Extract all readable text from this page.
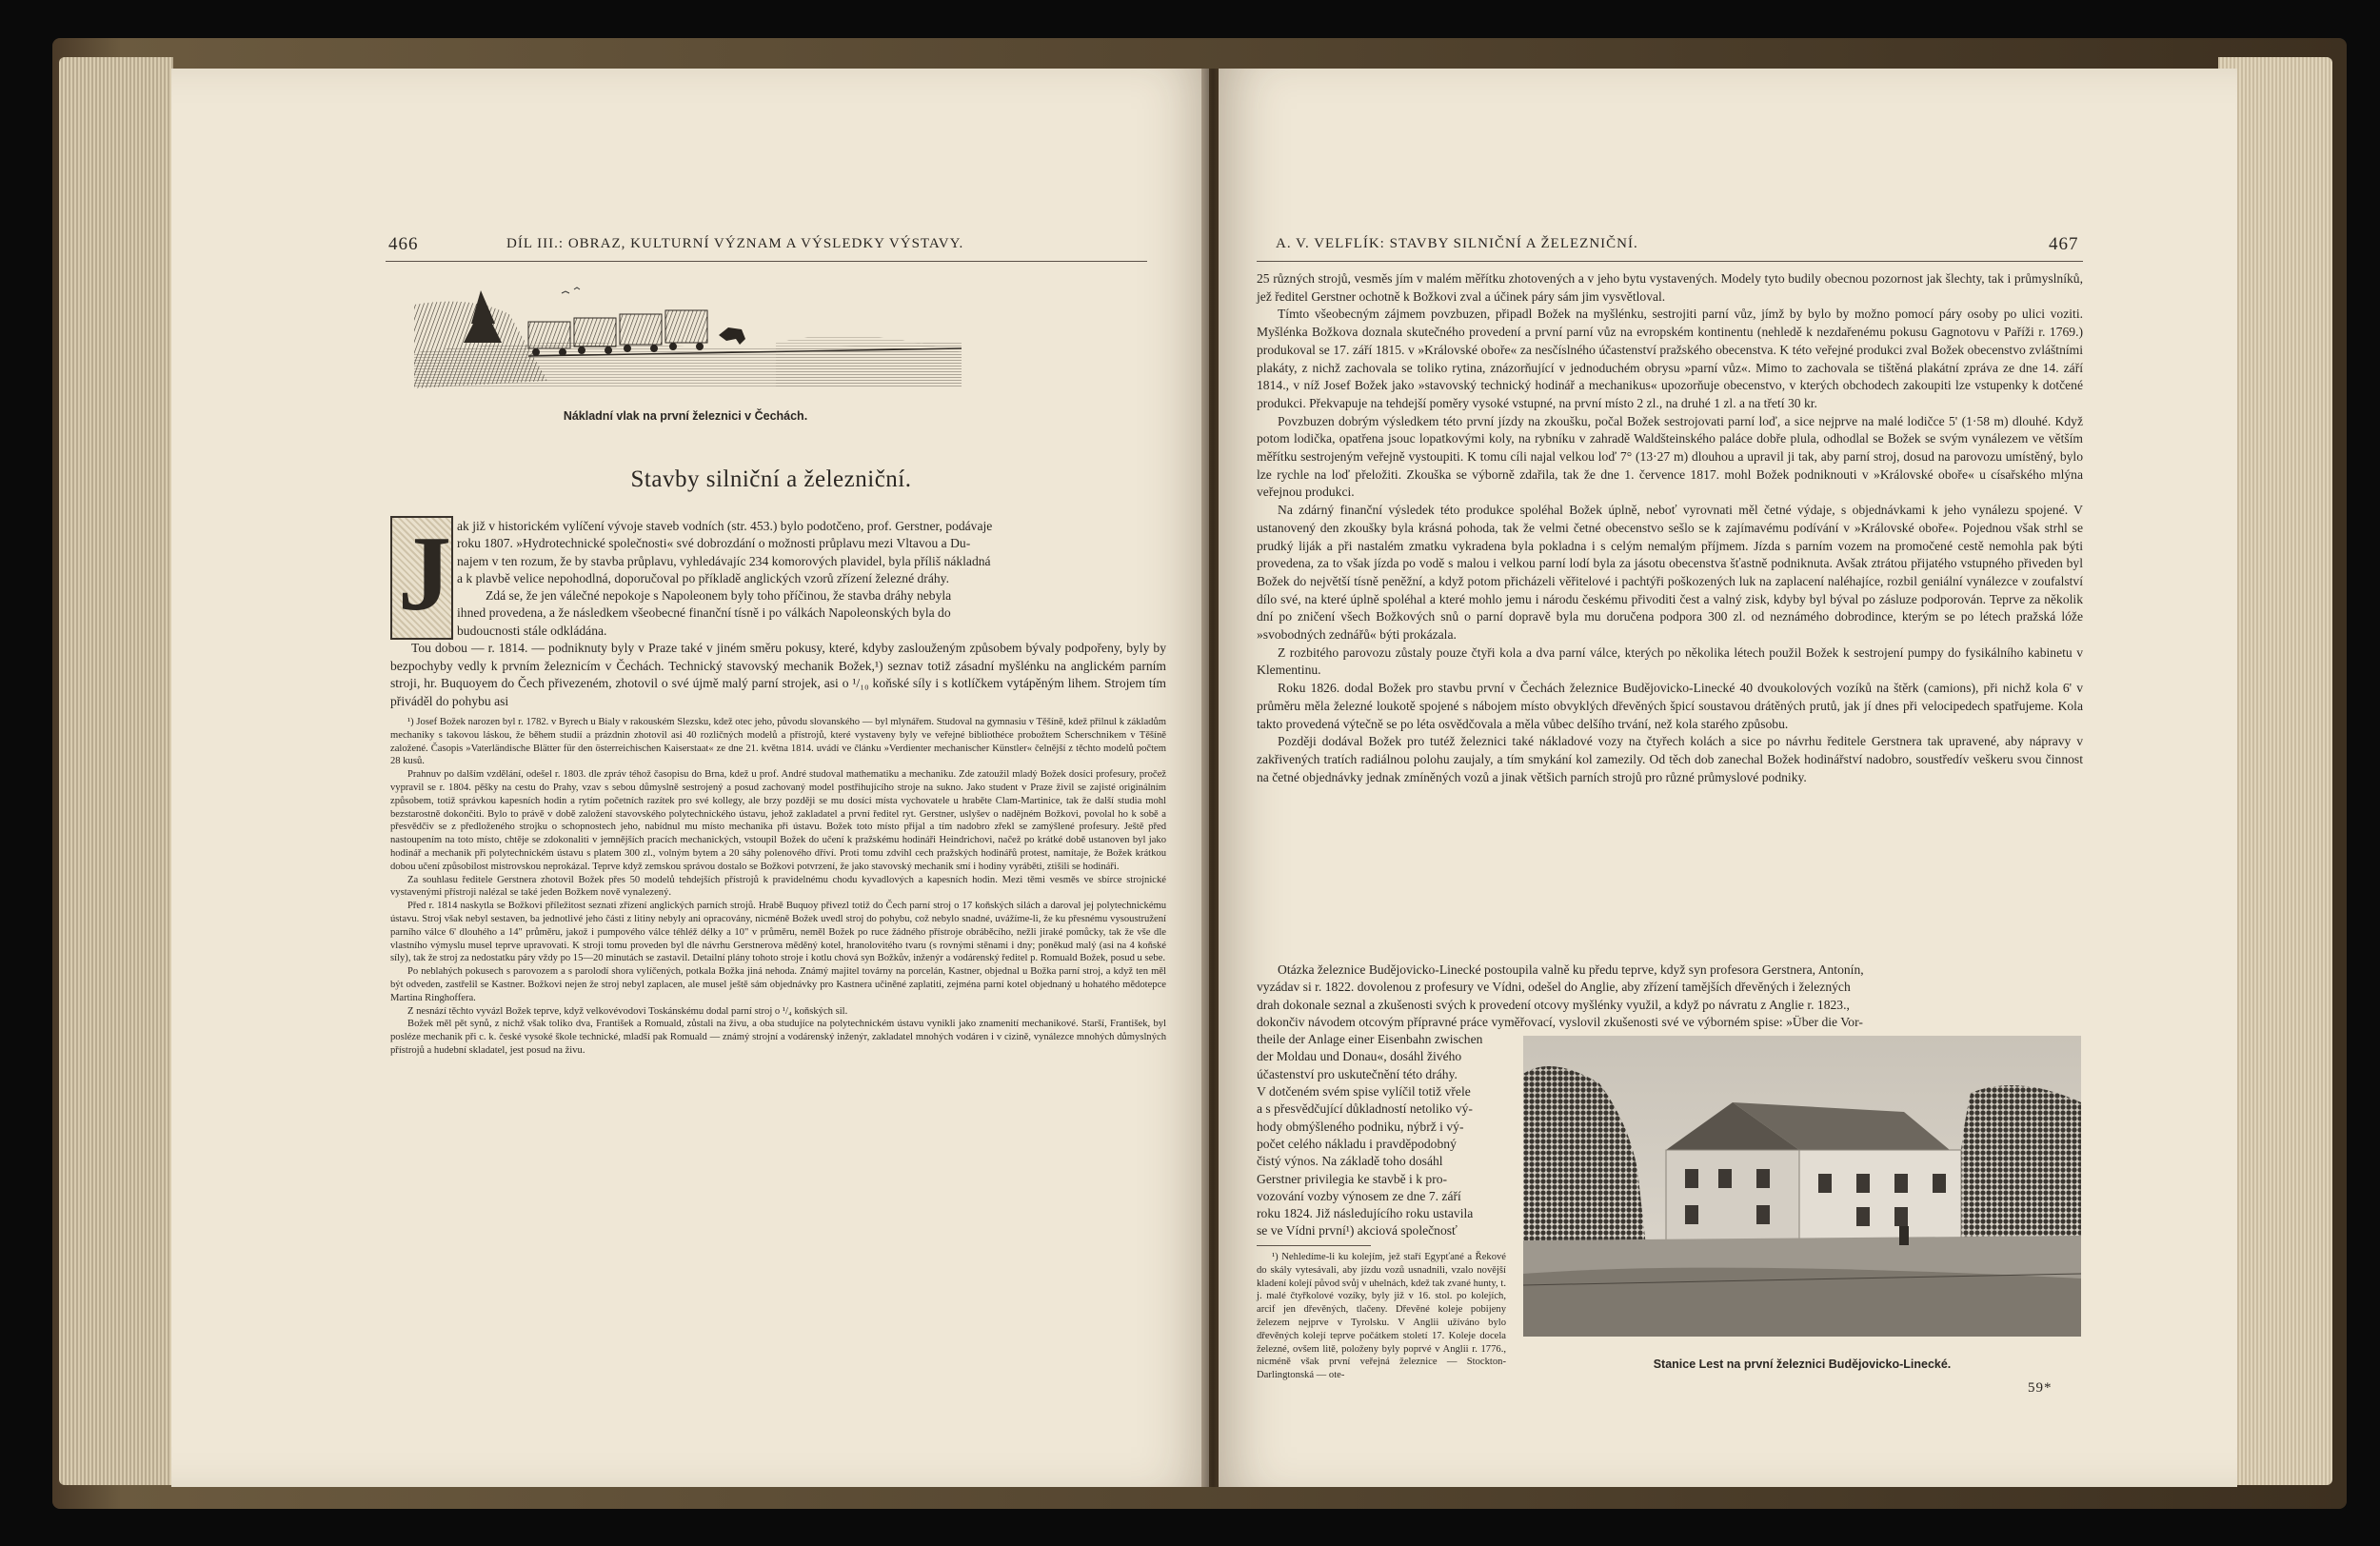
466	DÍL III.: OBRAZ, KULTURNÍ VÝZNAM A VÝSLEDKY VÝSTAVY.
Nákladní vlak na první železnici v Čechách.
Stavby silniční a železniční.
J ak již v historickém vylíčení vývoje staveb vodních (str. 453.) bylo podotčeno, prof. Gerstner, podávaje
roku 1807. »Hydrotechnické společnosti« své dobrozdání o možnosti průplavu mezi Vltavou a Du-
najem v ten rozum, že by stavba průplavu, vyhledávajíc 234 komorových plavidel, byla příliš nákladná
a k plavbě velice nepohodlná, doporučoval po příkladě anglických vzorů zřízení železné dráhy.
Zdá se, že jen válečné nepokoje s Napoleonem byly toho příčinou, že stavba dráhy nebyla
ihned provedena, a že následkem všeobecné finanční tísně i po válkách Napoleonských byla do
budoucnosti stále odkládána.
Tou dobou — r. 1814. — podniknuty byly v Praze také v jiném směru pokusy, které, kdyby zaslouženým způsobem bývaly podpořeny, byly by bezpochyby vedly k prvním železnicím v Čechách. Technický stavovský mechanik Božek,¹) seznav totiž zásadní myšlénku na anglickém parním stroji, hr. Buquoyem do Čech přivezeném, zhotovil o své újmě malý parní strojek, asi o ¹/₁₀ koňské síly i s kotlíčkem vytápěným lihem. Strojem tím přiváděl do pohybu asi
¹) Josef Božek narozen byl r. 1782. v Byrech u Bialy v rakouském Slezsku, kdež otec jeho, původu slovanského — byl mlynářem. Studoval na gymnasiu v Těšíně, kdež přilnul k základům mechaniky s takovou láskou, že během studií a prázdnin zhotovil asi 40 rozličných modelů a přístrojů, které vystaveny byly ve veřejné bibliothéce probožtem Scherschnikem v Těšíně založené. Časopis »Vaterländische Blätter für den österreichischen Kaiserstaat« ze dne 21. května 1814. uvádí ve článku »Verdienter mechanischer Künstler« čelnější z těchto modelů počtem 28 kusů.
Prahnuv po dalším vzdělání, odešel r. 1803. dle zpráv téhož časopisu do Brna, kdež u prof. André studoval mathematiku a mechaniku. Zde zatoužil mladý Božek dosíci profesury, pročež vypravil se r. 1804. pěšky na cestu do Prahy, vzav s sebou důmyslně sestrojený a posud zachovaný model postřihujícího stroje na sukno. Jako student v Praze živil se zajisté originálním způsobem, totiž správkou kapesních hodin a rytím početních razítek pro své kollegy, ale brzy později se mu dosíci místa vychovatele u hraběte Clam-Martinice, tak že další studia mohl bezstarostně dokončiti. Bylo to právě v době založení stavovského polytechnického ústavu, jehož zakladatel a první ředitel ryt. Gerstner, uslyšev o nadějném Božkovi, povolal ho k sobě a přesvědčiv se z předloženého strojku o schopnostech jeho, nabídnul mu místo mechanika při ústavu. Božek toto místo přijal a tím nadobro zřekl se zamýšlené profesury. Ještě před nastoupením na toto místo, chtěje se zdokonaliti v jemnějších pracích mechanických, vstoupil Božek do učení k pražskému hodináři Heindrichovi, načež po krátké době ustanoven byl jako hodinář a mechanik při polytechnickém ústavu s platem 300 zl., volným bytem a 20 sáhy polenového dříví. Proti tomu zdvihl cech pražských hodinářů protest, namítaje, že Božek krátkou dobou učení způsobilost mistrovskou neprokázal. Teprve když zemskou správou dostalo se Božkovi potvrzení, že jako stavovský mechanik smí i hodiny vyráběti, ztišili se hodináři.
Za souhlasu ředitele Gerstnera zhotovil Božek přes 50 modelů tehdejších přístrojů k pravidelnému chodu kyvadlových a kapesních hodin. Mezi těmi vesměs ve sbírce strojnické vystavenými přístroji nalézal se také jeden Božkem nově vynalezený.
Před r. 1814 naskytla se Božkovi příležitost seznati zřízení anglických parních strojů. Hrabě Buquoy přivezl totiž do Čech parní stroj o 17 koňských silách a daroval jej polytechnickému ústavu. Stroj však nebyl sestaven, ba jednotlivé jeho části z litiny nebyly ani opracovány, nicméně Božek uvedl stroj do pohybu, což nebylo snadné, uvážíme-li, že ku přesnému vysoustružení parního válce 6' dlouhého a 14" průměru, jakož i pumpového válce téhléž délky a 10" v průměru, neměl Božek po ruce žádného přístroje obráběcího, nežli jiraké pomůcky, tak že vše dle vlastního výmyslu musel teprve upravovati. K stroji tomu proveden byl dle návrhu Gerstnerova měděný kotel, hranolovitého tvaru (s rovnými stěnami i dny; poněkud malý (asi na 4 koňské síly), tak že stroj za nedostatku páry vždy po 15—20 minutách se zastavil. Detailní plány tohoto stroje i kotlu chová syn Božkův, inženýr a vodárenský ředitel p. Romuald Božek, posud u sebe.
Po neblahých pokusech s parovozem a s parolodí shora vylíčených, potkala Božka jiná nehoda. Známý majitel továrny na porcelán, Kastner, objednal u Božka parní stroj, a když ten měl být odveden, zastřelil se Kastner. Božkovi nejen že stroj nebyl zaplacen, ale musel ještě sám objednávky pro Kastnera učiněné zaplatiti, zejména parní kotel objednaný u hohatého mědotepce Martina Ringhoffera.
Z nesnází těchto vyvázl Božek teprve, když velkovévodovi Toskánskému dodal parní stroj o ¹/₄ koňských sil.
Božek měl pět synů, z nichž však toliko dva, František a Romuald, zůstali na živu, a oba studujíce na polytechnickém ústavu vynikli jako znamenití mechanikové. Starší, František, byl posléze mechanik při c. k. české vysoké škole technické, mladší pak Romuald — známý strojní a vodárenský inženýr, zakladatel mnohých vodáren i v cizině, vynálezce mnohých důmyslných přístrojů a hudební skladatel, jest posud na živu.
A. V. VELFLÍK: STAVBY SILNIČNÍ A ŽELEZNIČNÍ.	467
25 různých strojů, vesměs jím v malém měřítku zhotovených a v jeho bytu vystavených. Modely tyto budily obecnou pozornost jak šlechty, tak i průmyslníků, jež ředitel Gerstner ochotně k Božkovi zval a účinek páry sám jim vysvětloval.
Tímto všeobecným zájmem povzbuzen, připadl Božek na myšlénku, sestrojiti parní vůz, jímž by bylo by možno pomocí páry osoby po ulici voziti. Myšlénka Božkova doznala skutečného provedení a první parní vůz na evropském kontinentu (nehledě k nezdařenému pokusu Gagnotovu v Paříži r. 1769.) produkoval se 17. září 1815. v »Královské oboře« za nesčíslného účastenství pražského obecenstva. K této veřejné produkci zval Božek obecenstvo zvláštními plakáty, z nichž zachovala se toliko rytina, znázorňující v jednoduchém obrysu »parní vůz«. Mimo to zachovala se tištěná plakátní zpráva ze dne 14. září 1814., v níž Josef Božek jako »stavovský technický hodinář a mechanikus« upozorňuje obecenstvo, v kterých obchodech zakoupiti lze vstupenky k dotčené produkci. Překvapuje na tehdejší poměry vysoké vstupné, na první místo 2 zl., na druhé 1 zl. a na třetí 30 kr.
Povzbuzen dobrým výsledkem této první jízdy na zkoušku, počal Božek sestrojovati parní loď, a sice nejprve na malé lodičce 5' (1·58 m) dlouhé. Když potom lodička, opatřena jsouc lopatkovými koly, na rybníku v zahradě Waldšteinského paláce dobře plula, odhodlal se Božek se svým vynálezem ve větším měřítku sestrojeným veřejně vystoupiti. K tomu cíli najal velkou loď 7° (13·27 m) dlouhou a upravil ji tak, aby parní stroj, dosud na parovozu umístěný, bylo lze rychle na loď přeložiti. Zkouška se výborně zdařila, tak že dne 1. července 1817. mohl Božek podniknouti v »Královské oboře« u císařského mlýna veřejnou produkci.
Na zdárný finanční výsledek této produkce spoléhal Božek úplně, neboť vyrovnati měl četné výdaje, s objednávkami k jeho vynálezu spojené. V ustanovený den zkoušky byla krásná pohoda, tak že velmi četné obecenstvo sešlo se k zajímavému podívání v »Královské oboře«. Pojednou však strhl se prudký liják a při nastalém zmatku vykradena byla pokladna i s celým nemalým příjmem. Jízda s parním vozem na promočené cestě nemohla pak býti provedena, za to však jízda po vodě s malou i velkou parní lodí byla za jásotu obecenstva šťastně podniknuta. Avšak ztrátou přijatého vstupného přiveden byl Božek do největší tísně peněžní, a když potom přicházeli věřitelové i pachtýři poškozených luk na zaplacení naléhajíce, rozbil geniální vynálezce v zoufalství dílo své, na které úplně spoléhal a které mohlo jemu i národu českému přivoditi čest a valný zisk, kdyby byl býval po zásluze podporován. Teprve za několik dní po zničení všech Božkových snů o parní dopravě byla mu doručena podpora 300 zl. od neznámého dobrodince, kterým se po létech pražská lóže »svobodných zednářů« býti prokázala.
Z rozbitého parovozu zůstaly pouze čtyři kola a dva parní válce, kterých po několika létech použil Božek k sestrojení pumpy do fysikálního kabinetu v Klementinu.
Roku 1826. dodal Božek pro stavbu první v Čechách železnice Budějovicko-Linecké 40 dvoukolových vozíků na štěrk (camions), při nichž kola 6' v průměru měla železné loukotě spojené s nábojem místo obvyklých dřevěných špicí soustavou drátěných prutů, jak jí dnes při velocipedech spatřujeme. Kola takto provedená výtečně se po léta osvědčovala a měla vůbec delšího trvání, než kola starého způsobu.
Později dodával Božek pro tutéž železnici také nákladové vozy na čtyřech kolách a sice po návrhu ředitele Gerstnera tak upravené, aby nápravy v zakřivených tratích radiálnou polohu zaujaly, a tím smykání kol zamezily. Od těch dob zanechal Božek hodinářství nadobro, soustředív veškeru svou činnost na četné objednávky jednak zmíněných vozů a jinak většich parních strojů pro různé průmyslové podniky.
Otázka železnice Budějovicko-Linecké postoupila valně ku předu teprve, když syn profesora Gerstnera, Antonín,
vyzádav si r. 1822. dovolenou z profesury ve Vídni, odešel do Anglie, aby zřízení tamějších dřevěných i železných
drah dokonale seznal a zkušenosti svých k provedení otcovy myšlénky využil, a když po návratu z Anglie r. 1823.,
dokončiv návodem otcovým přípravné práce vyměřovací, vyslovil zkušenosti své ve výborném spise: »Über die Vor-
theile der Anlage einer Eisenbahn zwischen
der Moldau und Donau«, dosáhl živého
účastenství pro uskutečnění této dráhy.
V dotčeném svém spise vylíčil totiž vřele
a s přesvědčující důkladností netoliko vý-
hody obmýšleného podniku, nýbrž i vý-
počet celého nákladu i pravděpodobný
čistý výnos. Na základě toho dosáhl
Gerstner privilegia ke stavbě i k pro-
vozování vozby výnosem ze dne 7. září
roku 1824. Již následujícího roku ustavila
se ve Vídni první¹) akciová společnosť
¹) Nehledíme-li ku kolejím, jež staří Egypťané a Řekové do skály vytesávali, aby jízdu vozů usnadnili, vzalo novější kladení kolejí původ svůj v uhelnách, kdež tak zvané hunty, t. j. malé čtyřkolové vozíky, byly již v 16. stol. po kolejích, arcif jen dřevěných, tlačeny. Dřevěné koleje pobijeny železem nejprve v Tyrolsku. V Anglii užíváno bylo dřevěných kolejí teprve počátkem století 17. Koleje docela železné, ovšem litě, položeny byly poprvé v Anglii r. 1776., nicméně však první veřejná železnice — Stockton-Darlingtonská — ote-
Stanice Lest na první železnici Budějovicko-Linecké.
59*
